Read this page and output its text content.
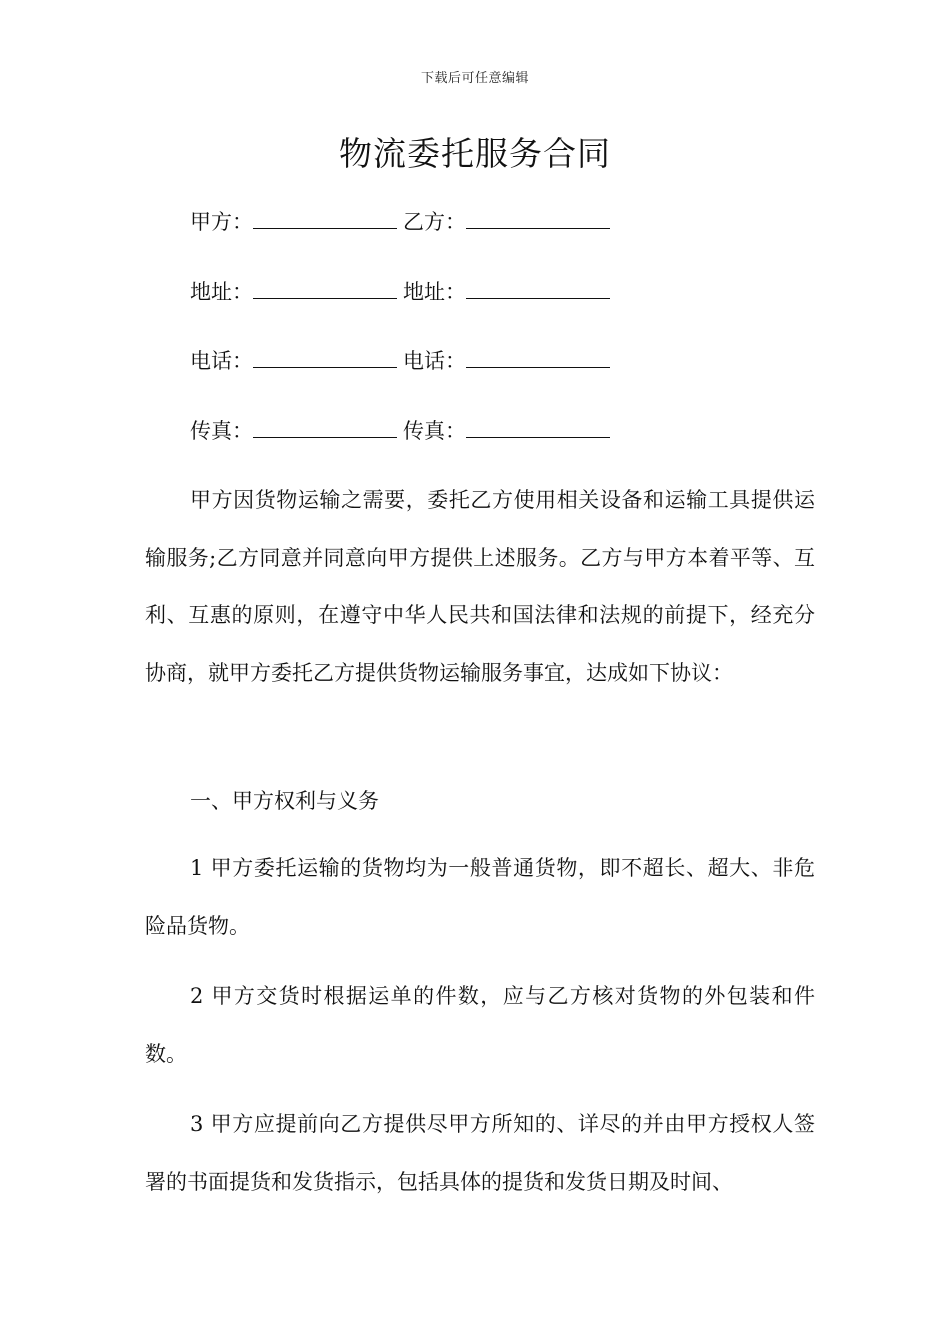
下载后可任意编辑
物流委托服务合同
甲方：	乙方：
地址：	地址：
电话：	电话：
传真：	传真：

甲方因货物运输之需要，委托乙方使用相关设备和运输工具提供运输服务;乙方同意并同意向甲方提供上述服务。乙方与甲方本着平等、互利、互惠的原则，在遵守中华人民共和国法律和法规的前提下，经充分协商，就甲方委托乙方提供货物运输服务事宜，达成如下协议：

一、甲方权利与义务

1 甲方委托运输的货物均为一般普通货物，即不超长、超大、非危险品货物。

2 甲方交货时根据运单的件数，应与乙方核对货物的外包装和件数。

3 甲方应提前向乙方提供尽甲方所知的、详尽的并由甲方授权人签署的书面提货和发货指示，包括具体的提货和发货日期及时间、
